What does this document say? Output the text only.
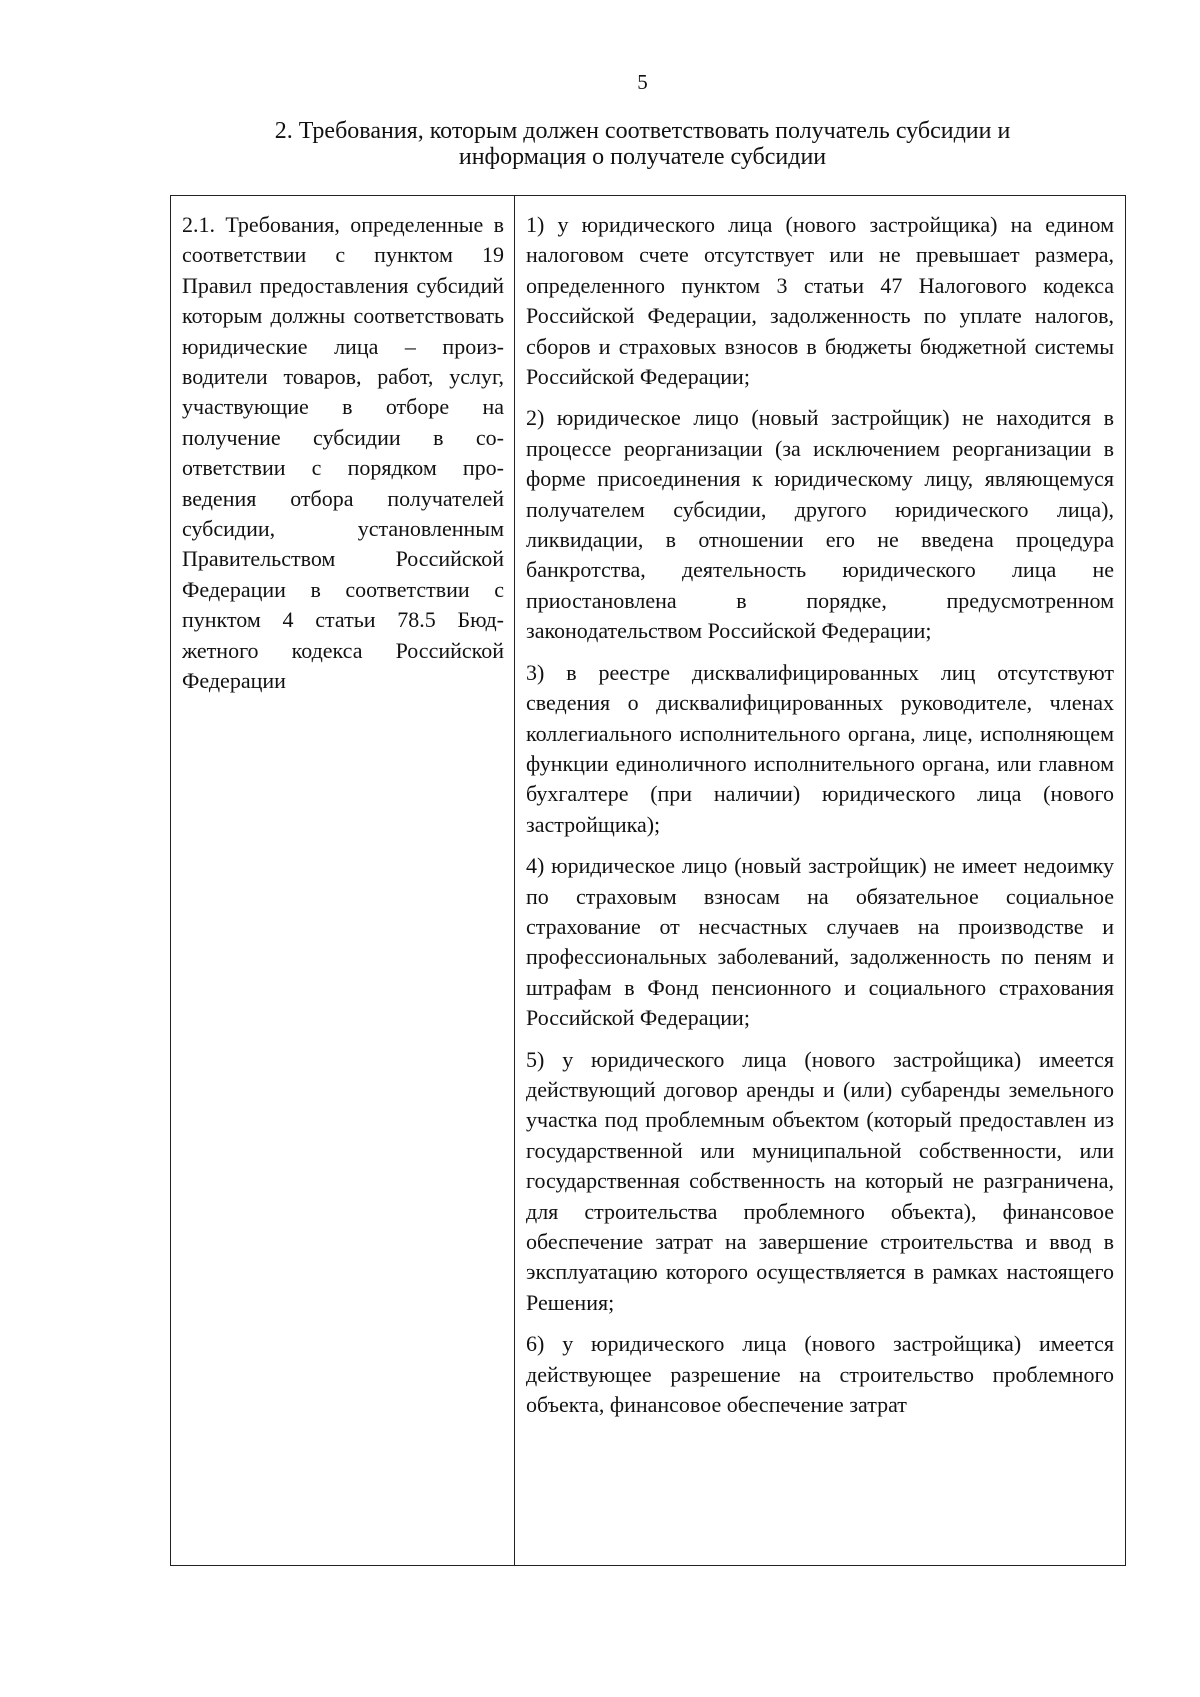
5
2. Требования, которым должен соответствовать получатель субсидии и
информация о получателе субсидии

2.1. Требования, определенные в соответствии с пунктом 19 Правил предоставления субсидий которым должны соответствовать юридические лица – производители товаров, работ, услуг, участвующие в отборе на получение субсидии в соответствии с порядком проведения отбора получателей субсидии, установленным Правительством Российской Федерации в соответствии с пунктом 4 статьи 78.5 Бюджетного кодекса Российской Федерации

1) у юридического лица (нового застройщика) на едином налоговом счете отсутствует или не превышает размера, определенного пунктом 3 статьи 47 Налогового кодекса Российской Федерации, задолженность по уплате налогов, сборов и страховых взносов в бюджеты бюджетной системы Российской Федерации;

2) юридическое лицо (новый застройщик) не находится в процессе реорганизации (за исключением реорганизации в форме присоединения к юридическому лицу, являющемуся получателем субсидии, другого юридического лица), ликвидации, в отношении его не введена процедура банкротства, деятельность юридического лица не приостановлена в порядке, предусмотренном законодательством Российской Федерации;

3) в реестре дисквалифицированных лиц отсутствуют сведения о дисквалифицированных руководителе, членах коллегиального исполнительного органа, лице, исполняющем функции единоличного исполнительного органа, или главном бухгалтере (при наличии) юридического лица (нового застройщика);

4) юридическое лицо (новый застройщик) не имеет недоимку по страховым взносам на обязательное социальное страхование от несчастных случаев на производстве и профессиональных заболеваний, задолженность по пеням и штрафам в Фонд пенсионного и социального страхования Российской Федерации;

5) у юридического лица (нового застройщика) имеется действующий договор аренды и (или) субаренды земельного участка под проблемным объектом (который предоставлен из государственной или муниципальной собственности, или государственная собственность на который не разграничена, для строительства проблемного объекта), финансовое обеспечение затрат на завершение строительства и ввод в эксплуатацию которого осуществляется в рамках настоящего Решения;

6) у юридического лица (нового застройщика) имеется действующее разрешение на строительство проблемного объекта, финансовое обеспечение затрат
